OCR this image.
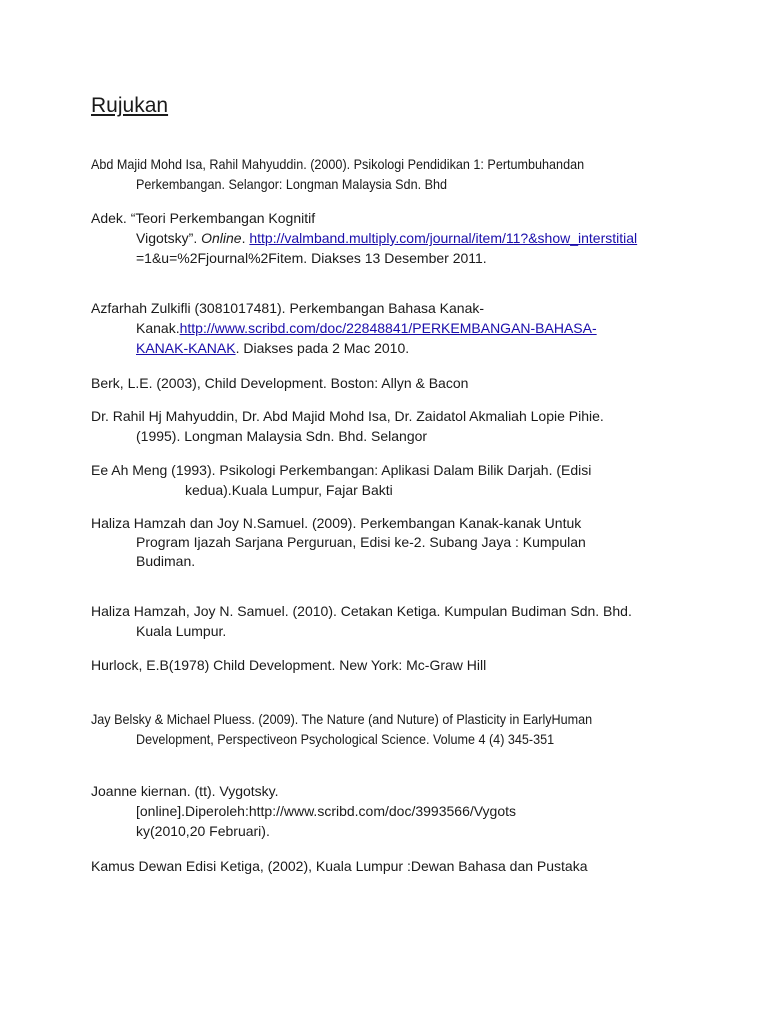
Rujukan
Abd Majid Mohd Isa, Rahil Mahyuddin. (2000). Psikologi Pendidikan 1: Pertumbuhandan
Perkembangan. Selangor: Longman Malaysia Sdn. Bhd
Adek. “Teori Perkembangan Kognitif
Vigotsky”. Online. http://valmband.multiply.com/journal/item/11?&show_interstitial
=1&u=%2Fjournal%2Fitem. Diakses 13 Desember 2011.
Azfarhah Zulkifli (3081017481). Perkembangan Bahasa Kanak-
Kanak.http://www.scribd.com/doc/22848841/PERKEMBANGAN-BAHASA-
KANAK-KANAK. Diakses pada 2 Mac 2010.
Berk, L.E. (2003), Child Development. Boston: Allyn & Bacon
Dr. Rahil Hj Mahyuddin, Dr. Abd Majid Mohd Isa, Dr. Zaidatol Akmaliah Lopie Pihie.
(1995). Longman Malaysia Sdn. Bhd. Selangor
Ee Ah Meng (1993). Psikologi Perkembangan: Aplikasi Dalam Bilik Darjah. (Edisi
kedua).Kuala Lumpur, Fajar Bakti
Haliza Hamzah dan Joy N.Samuel. (2009). Perkembangan Kanak-kanak Untuk
Program Ijazah Sarjana Perguruan, Edisi ke-2. Subang Jaya : Kumpulan
Budiman.
Haliza Hamzah, Joy N. Samuel. (2010). Cetakan Ketiga. Kumpulan Budiman Sdn. Bhd.
Kuala Lumpur.
Hurlock, E.B(1978) Child Development. New York: Mc-Graw Hill
Jay Belsky & Michael Pluess. (2009). The Nature (and Nuture) of Plasticity in EarlyHuman
Development, Perspectiveon Psychological Science. Volume 4 (4) 345-351
Joanne kiernan. (tt). Vygotsky.
[online].Diperoleh:http://www.scribd.com/doc/3993566/Vygots
ky(2010,20 Februari).
Kamus Dewan Edisi Ketiga, (2002), Kuala Lumpur :Dewan Bahasa dan Pustaka
